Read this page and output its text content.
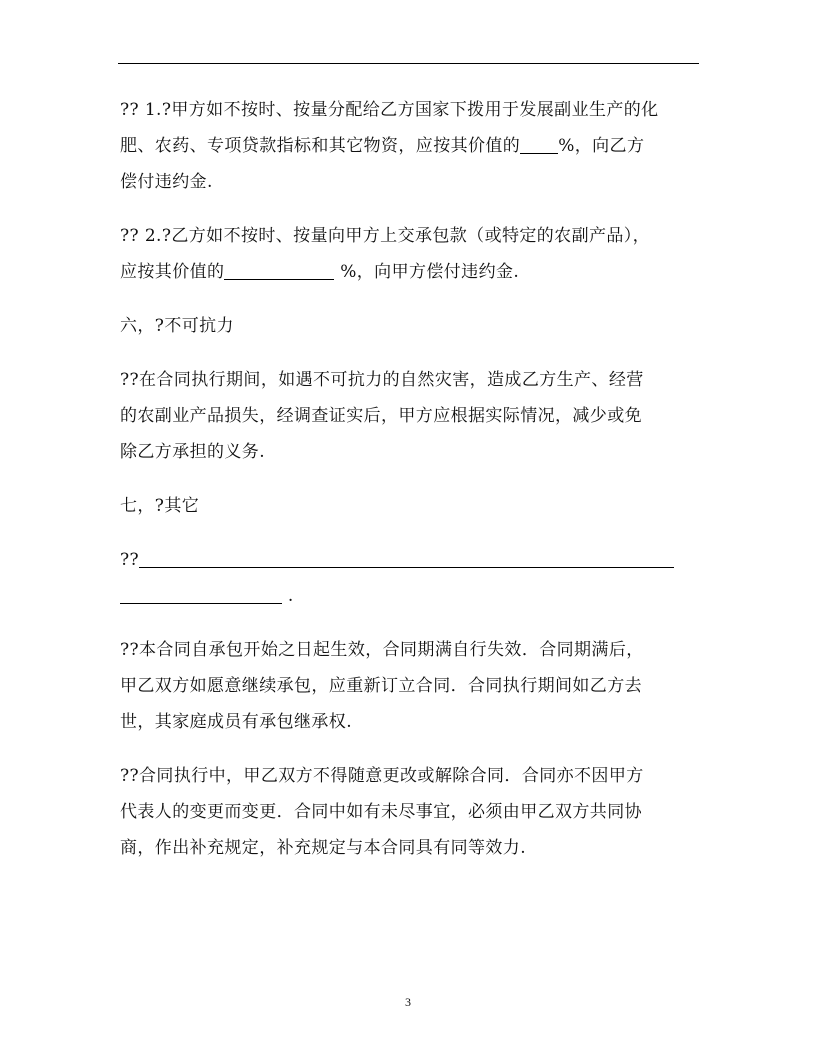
?? 1.?甲方如不按时、按量分配给乙方国家下拨用于发展副业生产的化

肥、农药、专项贷款指标和其它物资，应按其价值的 %，向乙方

偿付违约金.

?? 2.?乙方如不按时、按量向甲方上交承包款（或特定的农副产品），

应按其价值的	%，向甲方偿付违约金.

六，?不可抗力

??在合同执行期间，如遇不可抗力的自然灾害，造成乙方生产、经营

的农副业产品损失，经调查证实后，甲方应根据实际情况，减少或免

除乙方承担的义务.

七，?其它

??

.

??本合同自承包开始之日起生效，合同期满自行失效．合同期满后，

甲乙双方如愿意继续承包，应重新订立合同．合同执行期间如乙方去

世，其家庭成员有承包继承权.

??合同执行中，甲乙双方不得随意更改或解除合同．合同亦不因甲方

代表人的变更而变更．合同中如有未尽事宜，必须由甲乙双方共同协

商，作出补充规定，补充规定与本合同具有同等效力.

3
